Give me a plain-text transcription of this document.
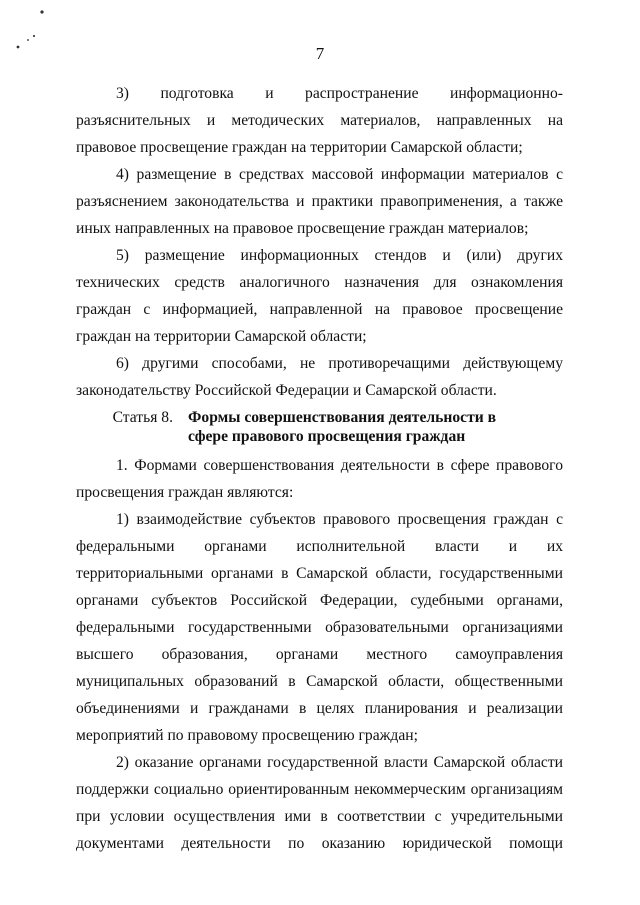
7

3) подготовка и распространение информационно-разъяснительных и методических материалов, направленных на правовое просвещение граждан на территории Самарской области;

4) размещение в средствах массовой информации материалов с разъяснением законодательства и практики правоприменения, а также иных направленных на правовое просвещение граждан материалов;

5) размещение информационных стендов и (или) других технических средств аналогичного назначения для ознакомления граждан с информацией, направленной на правовое просвещение граждан на территории Самарской области;

6) другими способами, не противоречащими действующему законодательству Российской Федерации и Самарской области.

Статья 8. Формы совершенствования деятельности в сфере правового просвещения граждан

1. Формами совершенствования деятельности в сфере правового просвещения граждан являются:

1) взаимодействие субъектов правового просвещения граждан с федеральными органами исполнительной власти и их территориальными органами в Самарской области, государственными органами субъектов Российской Федерации, судебными органами, федеральными государственными образовательными организациями высшего образования, органами местного самоуправления муниципальных образований в Самарской области, общественными объединениями и гражданами в целях планирования и реализации мероприятий по правовому просвещению граждан;

2) оказание органами государственной власти Самарской области поддержки социально ориентированным некоммерческим организациям при условии осуществления ими в соответствии с учредительными документами деятельности по оказанию юридической помощи
